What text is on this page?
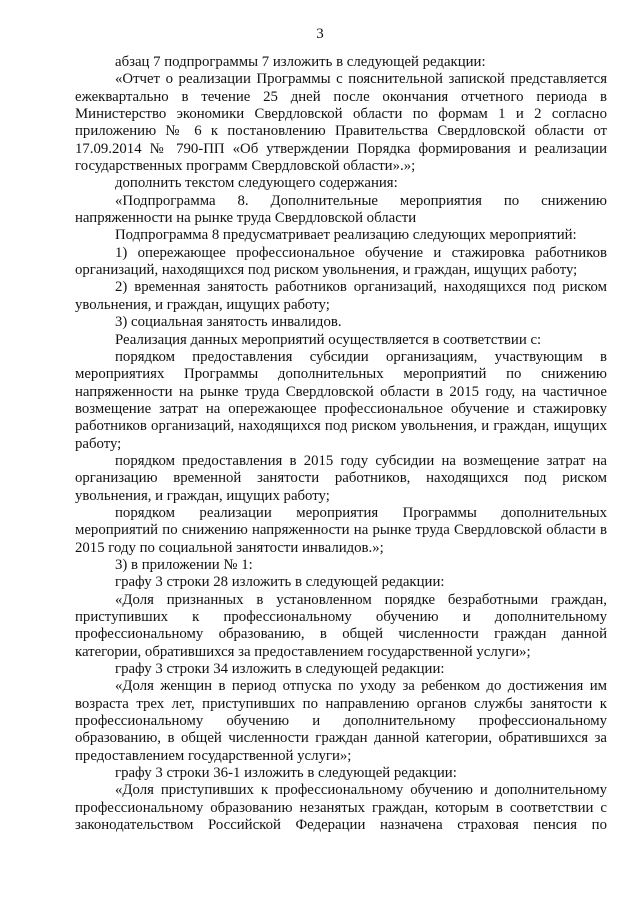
3

абзац 7 подпрограммы 7 изложить в следующей редакции:

«Отчет о реализации Программы с пояснительной запиской представляется ежеквартально в течение 25 дней после окончания отчетного периода в Министерство экономики Свердловской области по формам 1 и 2 согласно приложению № 6 к постановлению Правительства Свердловской области от 17.09.2014 № 790-ПП «Об утверждении Порядка формирования и реализации государственных программ Свердловской области».»;

дополнить текстом следующего содержания:

«Подпрограмма 8. Дополнительные мероприятия по снижению напряженности на рынке труда Свердловской области

Подпрограмма 8 предусматривает реализацию следующих мероприятий:

1) опережающее профессиональное обучение и стажировка работников организаций, находящихся под риском увольнения, и граждан, ищущих работу;

2) временная занятость работников организаций, находящихся под риском увольнения, и граждан, ищущих работу;

3) социальная занятость инвалидов.

Реализация данных мероприятий осуществляется в соответствии с:

порядком предоставления субсидии организациям, участвующим в мероприятиях Программы дополнительных мероприятий по снижению напряженности на рынке труда Свердловской области в 2015 году, на частичное возмещение затрат на опережающее профессиональное обучение и стажировку работников организаций, находящихся под риском увольнения, и граждан, ищущих работу;

порядком предоставления в 2015 году субсидии на возмещение затрат на организацию временной занятости работников, находящихся под риском увольнения, и граждан, ищущих работу;

порядком реализации мероприятия Программы дополнительных мероприятий по снижению напряженности на рынке труда Свердловской области в 2015 году по социальной занятости инвалидов.»;

3) в приложении № 1:

графу 3 строки 28 изложить в следующей редакции:

«Доля признанных в установленном порядке безработными граждан, приступивших к профессиональному обучению и дополнительному профессиональному образованию, в общей численности граждан данной категории, обратившихся за предоставлением государственной услуги»;

графу 3 строки 34 изложить в следующей редакции:

«Доля женщин в период отпуска по уходу за ребенком до достижения им возраста трех лет, приступивших по направлению органов службы занятости к профессиональному обучению и дополнительному профессиональному образованию, в общей численности граждан данной категории, обратившихся за предоставлением государственной услуги»;

графу 3 строки 36-1 изложить в следующей редакции:

«Доля приступивших к профессиональному обучению и дополнительному профессиональному образованию незанятых граждан, которым в соответствии с законодательством Российской Федерации назначена страховая пенсия по
